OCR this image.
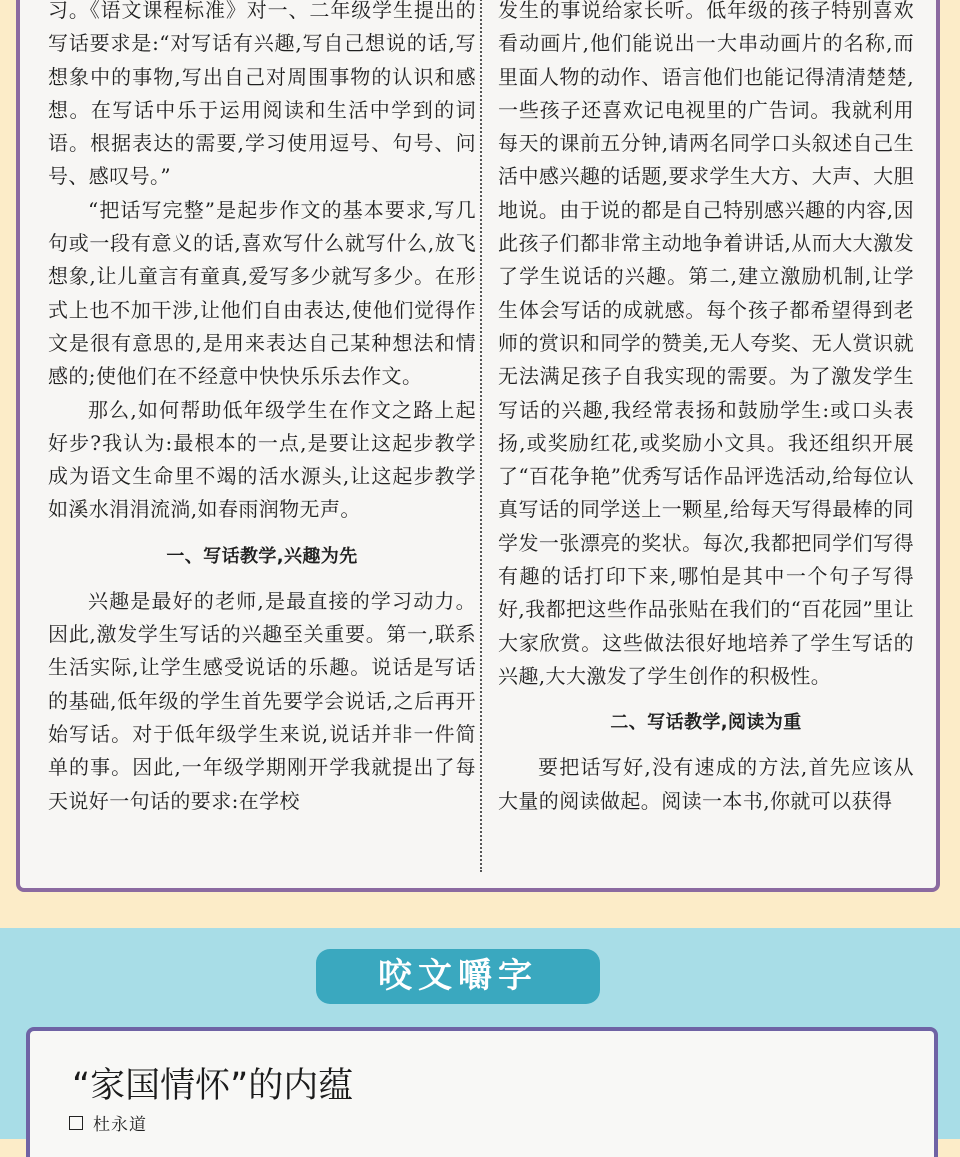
习。《语文课程标准》对一、二年级学生提出的写话要求是:“对写话有兴趣,写自己想说的话,写想象中的事物,写出自己对周围事物的认识和感想。在写话中乐于运用阅读和生活中学到的词语。根据表达的需要,学习使用逗号、句号、问号、感叹号。”

“把话写完整”是起步作文的基本要求,写几句或一段有意义的话,喜欢写什么就写什么,放飞想象,让儿童言有童真,爱写多少就写多少。在形式上也不加干涉,让他们自由表达,使他们觉得作文是很有意思的,是用来表达自己某种想法和情感的;使他们在不经意中快快乐乐去作文。

那么,如何帮助低年级学生在作文之路上起好步?我认为:最根本的一点,是要让这起步教学成为语文生命里不竭的活水源头,让这起步教学如溪水涓涓流淌,如春雨润物无声。

一、写话教学,兴趣为先

兴趣是最好的老师,是最直接的学习动力。因此,激发学生写话的兴趣至关重要。第一,联系生活实际,让学生感受说话的乐趣。说话是写话的基础,低年级的学生首先要学会说话,之后再开始写话。对于低年级学生来说,说话并非一件简单的事。因此,一年级学期刚开学我就提出了每天说好一句话的要求:在学校

发生的事说给家长听。低年级的孩子特别喜欢看动画片,他们能说出一大串动画片的名称,而里面人物的动作、语言他们也能记得清清楚楚,一些孩子还喜欢记电视里的广告词。我就利用每天的课前五分钟,请两名同学口头叙述自己生活中感兴趣的话题,要求学生大方、大声、大胆地说。由于说的都是自己特别感兴趣的内容,因此孩子们都非常主动地争着讲话,从而大大激发了学生说话的兴趣。第二,建立激励机制,让学生体会写话的成就感。每个孩子都希望得到老师的赏识和同学的赞美,无人夸奖、无人赏识就无法满足孩子自我实现的需要。为了激发学生写话的兴趣,我经常表扬和鼓励学生:或口头表扬,或奖励红花,或奖励小文具。我还组织开展了“百花争艳”优秀写话作品评选活动,给每位认真写话的同学送上一颗星,给每天写得最棒的同学发一张漂亮的奖状。每次,我都把同学们写得有趣的话打印下来,哪怕是其中一个句子写得好,我都把这些作品张贴在我们的“百花园”里让大家欣赏。这些做法很好地培养了学生写话的兴趣,大大激发了学生创作的积极性。

二、写话教学,阅读为重

要把话写好,没有速成的方法,首先应该从大量的阅读做起。阅读一本书,你就可以获得

咬文嚼字
“家国情怀”的内蕴
杜永道
